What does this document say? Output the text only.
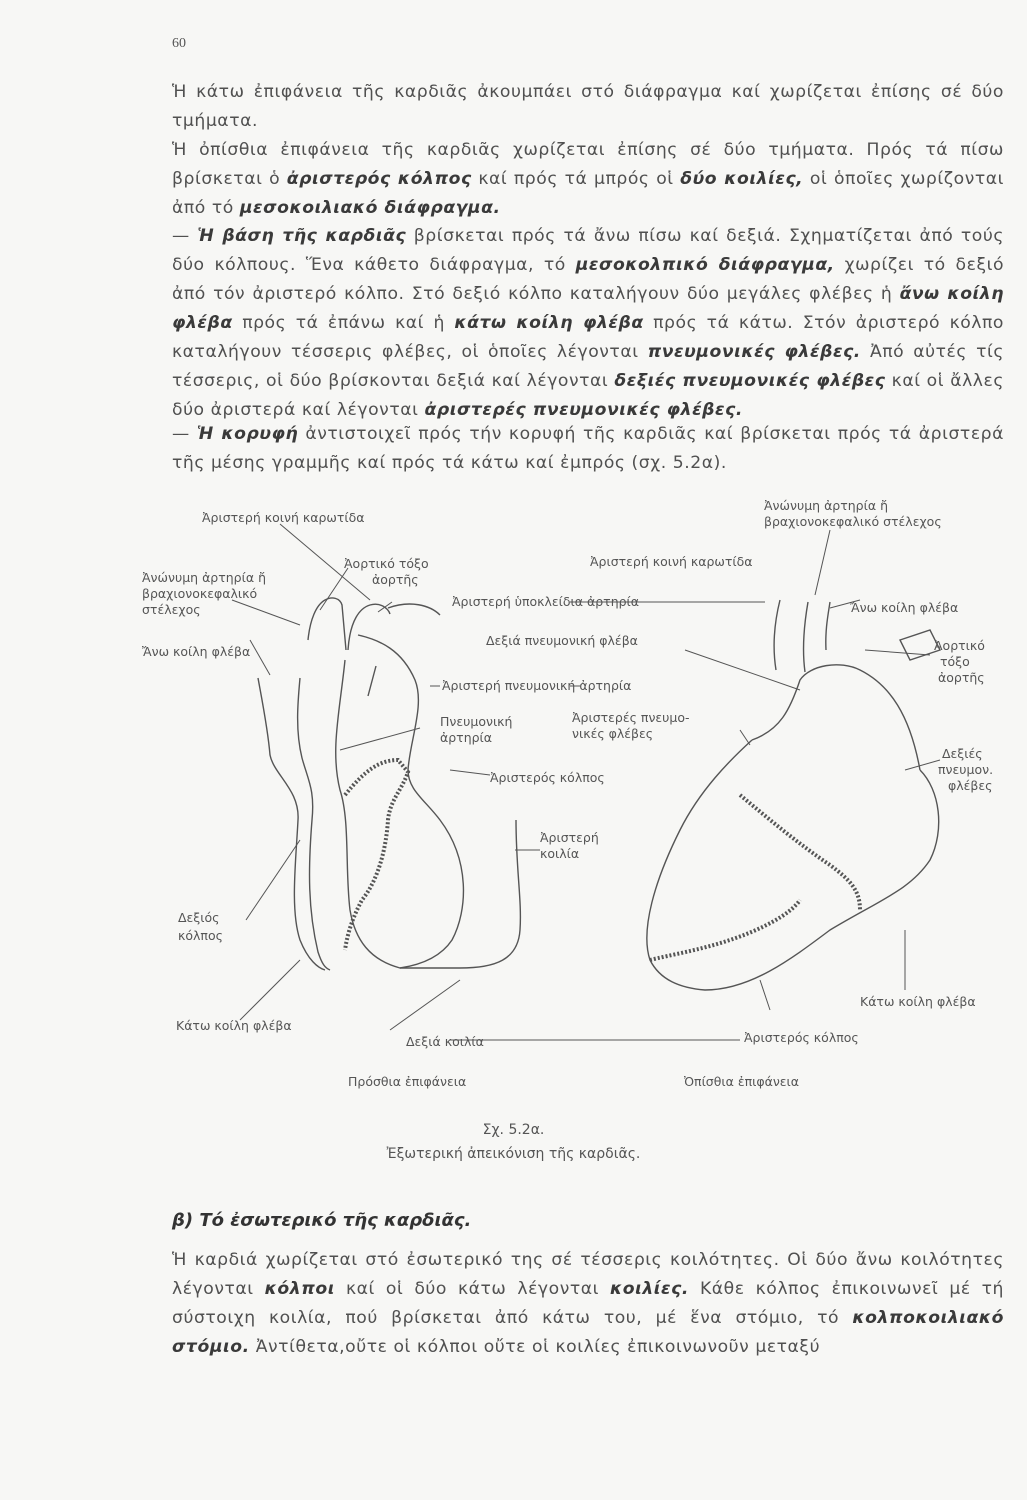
60

Ἡ κάτω ἐπιφάνεια τῆς καρδιᾶς ἀκουμπάει στό διάφραγμα καί χωρίζεται ἐπίσης σέ δύο τμήματα.

Ἡ ὀπίσθια ἐπιφάνεια τῆς καρδιᾶς χωρίζεται ἐπίσης σέ δύο τμήματα. Πρός τά πίσω βρίσκεται ὁ ἀριστερός κόλπος καί πρός τά μπρός οἱ δύο κοιλίες, οἱ ὁποῖες χωρίζονται ἀπό τό μεσοκοιλιακό διάφραγμα.

— Ἡ βάση τῆς καρδιᾶς βρίσκεται πρός τά ἄνω πίσω καί δεξιά. Σχηματίζεται ἀπό τούς δύο κόλπους. Ἕνα κάθετο διάφραγμα, τό μεσοκολπικό διάφραγμα, χωρίζει τό δεξιό ἀπό τόν ἀριστερό κόλπο. Στό δεξιό κόλπο καταλήγουν δύο μεγάλες φλέβες ἡ ἄνω κοίλη φλέβα πρός τά ἐπάνω καί ἡ κάτω κοίλη φλέβα πρός τά κάτω. Στόν ἀριστερό κόλπο καταλήγουν τέσσερις φλέβες, οἱ ὁποῖες λέγονται πνευμονικές φλέβες. Ἀπό αὐτές τίς τέσσερις, οἱ δύο βρίσκονται δεξιά καί λέγονται δεξιές πνευμονικές φλέβες καί οἱ ἄλλες δύο ἀριστερά καί λέγονται ἀριστερές πνευμονικές φλέβες.

— Ἡ κορυφή ἀντιστοιχεῖ πρός τήν κορυφή τῆς καρδιᾶς καί βρίσκεται πρός τά ἀριστερά τῆς μέσης γραμμῆς καί πρός τά κάτω καί ἐμπρός (σχ. 5.2α).

Ἀριστερή κοινή καρωτίδα
Ἀορτικό τόξο
ἀορτῆς
Ἀνώνυμη ἀρτηρία ἤ
βραχιονοκεφαλικό
στέλεχος
Ἄνω κοίλη φλέβα
Ἀριστερή ὑποκλείδια ἀρτηρία
Δεξιά πνευμονική φλέβα
Ἀριστερή πνευμονική ἀρτηρία
Πνευμονική
ἀρτηρία
Ἀριστερές πνευμο-
νικές φλέβες
Ἀριστερός κόλπος
Ἀριστερή
κοιλία
Δεξιός
κόλπος
Κάτω κοίλη φλέβα
Δεξιά κοιλία
Ἀριστερή κοινή καρωτίδα
Ἀνώνυμη ἀρτηρία ἤ
βραχιονοκεφαλικό στέλεχος
Ἄνω κοίλη φλέβα
Ἀορτικό
τόξο
ἀορτῆς
Δεξιές
πνευμον.
φλέβες
Κάτω κοίλη φλέβα
Ἀριστερός κόλπος
Πρόσθια ἐπιφάνεια	Ὀπίσθια ἐπιφάνεια
Σχ. 5.2α.
Ἐξωτερική ἀπεικόνιση τῆς καρδιᾶς.
β) Τό ἐσωτερικό τῆς καρδιᾶς.

Ἡ καρδιά χωρίζεται στό ἐσωτερικό της σέ τέσσερις κοιλότητες. Οἱ δύο ἄνω κοιλότητες λέγονται κόλποι καί οἱ δύο κάτω λέγονται κοιλίες. Κάθε κόλπος ἐπικοινωνεῖ μέ τή σύστοιχη κοιλία, πού βρίσκεται ἀπό κάτω του, μέ ἕνα στόμιο, τό κολποκοιλιακό στόμιο. Ἀντίθετα,οὔτε οἱ κόλποι οὔτε οἱ κοιλίες ἐπικοινωνοῦν μεταξύ
